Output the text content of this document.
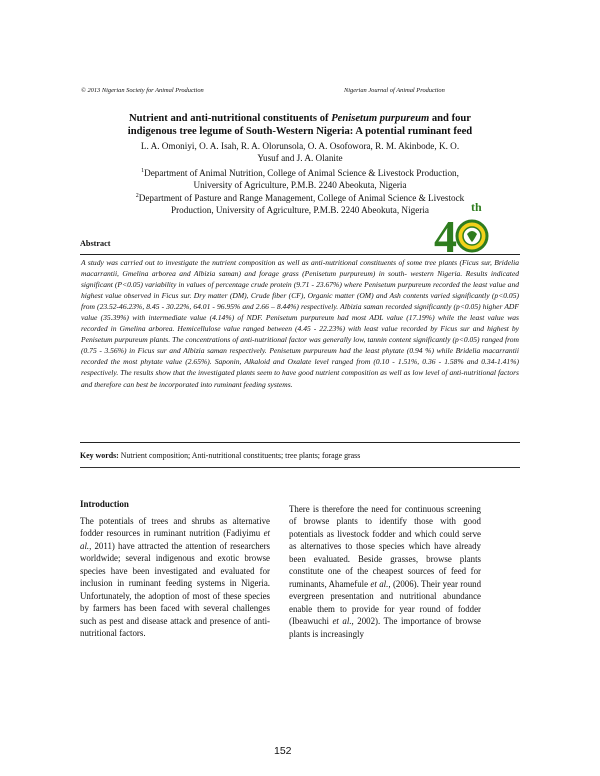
© 2013 Nigerian Society for Animal Production	Nigerian Journal of Animal Production
Nutrient and anti-nutritional constituents of Penisetum purpureum and four
indigenous tree legume of South-Western Nigeria: A potential ruminant feed
L. A. Omoniyi, O. A. Isah, R. A. Olorunsola, O. A. Osofowora, R. M. Akinbode, K. O.
Yusuf and J. A. Olanite
$^1$Department of Animal Nutrition, College of Animal Science & Livestock Production,
University of Agriculture, P.M.B. 2240 Abeokuta, Nigeria
$^2$Department of Pasture and Range Management, College of Animal Science & Livestock
Production, University of Agriculture, P.M.B. 2240 Abeokuta, Nigeria
4
th
Abstract
A study was carried out to investigate the nutrient composition as well as anti-nutritional constituents of some tree plants (Ficus sur, Bridelia macarrantii, Gmelina arborea and Albizia saman) and forage grass (Penisetum purpureum) in south- western Nigeria. Results indicated significant (P<0.05) variability in values of percentage crude protein (9.71 - 23.67%) where Penisetum purpureum recorded the least value and highest value observed in Ficus sur. Dry matter (DM), Crude fiber (CF), Organic matter (OM) and Ash contents varied significantly (p<0.05) from (23.52-46.23%, 8.45 - 30.22%, 64.01 - 96.95% and 2.66 – 8.44%) respectively. Albizia saman recorded significantly (p<0.05) higher ADF value (35.39%) with intermediate value (4.14%) of NDF. Penisetum purpureum had most ADL value (17.19%) while the least value was recorded in Gmelina arborea. Hemicellulose value ranged between (4.45 - 22.23%) with least value recorded by Ficus sur and highest by Penisetum purpureum plants. The concentrations of anti-nutritional factor was generally low, tannin content significantly (p<0.05) ranged from (0.75 - 3.56%) in Ficus sur and Albizia saman respectively. Penisetum purpureum had the least phytate (0.94 %) while Bridelia macarrantii recorded the most phytate value (2.65%). Saponin, Alkaloid and Oxalate level ranged from (0.10 - 1.51%, 0.36 - 1.58% and 0.34-1.41%) respectively. The results show that the investigated plants seem to have good nutrient composition as well as low level of anti-nutritional factors and therefore can best be incorporated into ruminant feeding systems.
Key words: Nutrient composition; Anti-nutritional constituents; tree plants; forage grass
Introduction
The potentials of trees and shrubs as alternative fodder resources in ruminant nutrition (Fadiyimu et al., 2011) have attracted the attention of researchers worldwide; several indigenous and exotic browse species have been investigated and evaluated for inclusion in ruminant feeding systems in Nigeria. Unfortunately, the adoption of most of these species by farmers has been faced with several challenges such as pest and disease attack and presence of anti-nutritional factors.
There is therefore the need for continuous screening of browse plants to identify those with good potentials as livestock fodder and which could serve as alternatives to those species which have already been evaluated. Beside grasses, browse plants constitute one of the cheapest sources of feed for ruminants, Ahamefule et al., (2006). Their year round evergreen presentation and nutritional abundance enable them to provide for year round of fodder (Ibeawuchi et al., 2002). The importance of browse plants is increasingly
152
